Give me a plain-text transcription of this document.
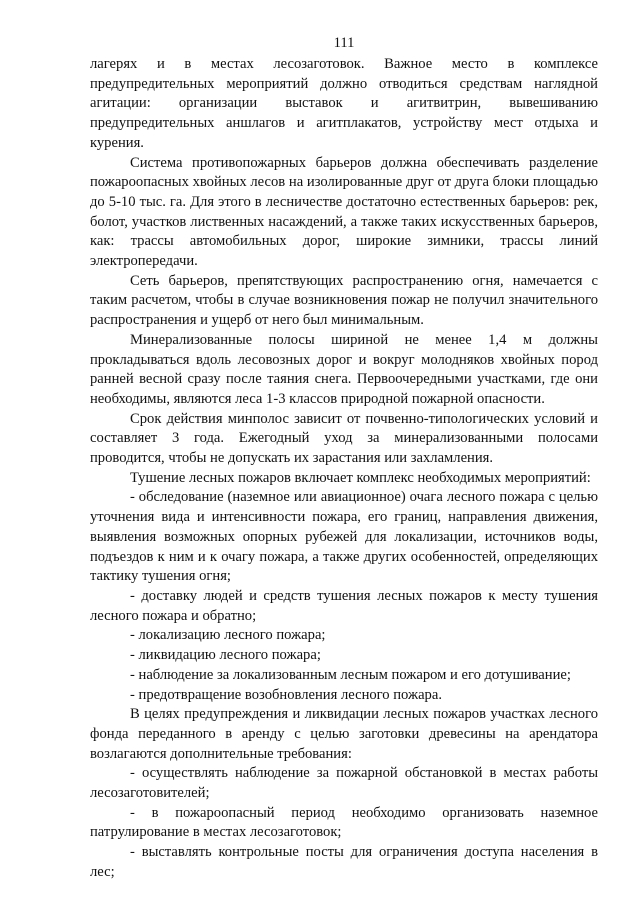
111

лагерях и в местах лесозаготовок. Важное место в комплексе предупредительных мероприятий должно отводиться средствам наглядной агитации: организации выставок и агитвитрин, вывешиванию предупредительных аншлагов и агитплакатов, устройству мест отдыха и курения.

Система противопожарных барьеров должна обеспечивать разделение пожароопасных хвойных лесов на изолированные друг от друга блоки площадью до 5-10 тыс. га. Для этого в лесничестве достаточно естественных барьеров: рек, болот, участков лиственных насаждений, а также таких искусственных барьеров, как: трассы автомобильных дорог, широкие зимники, трассы линий электропередачи.

Сеть барьеров, препятствующих распространению огня, намечается с таким расчетом, чтобы в случае возникновения пожар не получил значительного распространения и ущерб от него был минимальным.

Минерализованные полосы шириной не менее 1,4 м должны прокладываться вдоль лесовозных дорог и вокруг молодняков хвойных пород ранней весной сразу после таяния снега. Первоочередными участками, где они необходимы, являются леса 1-3 классов природной пожарной опасности.

Срок действия минполос зависит от почвенно-типологических условий и составляет 3 года. Ежегодный уход за минерализованными полосами проводится, чтобы не допускать их зарастания или захламления.

Тушение лесных пожаров включает комплекс необходимых мероприятий:

- обследование (наземное или авиационное) очага лесного пожара с целью уточнения вида и интенсивности пожара, его границ, направления движения, выявления возможных опорных рубежей для локализации, источников воды, подъездов к ним и к очагу пожара, а также других особенностей, определяющих тактику тушения огня;

- доставку людей и средств тушения лесных пожаров к месту тушения лесного пожара и обратно;

- локализацию лесного пожара;

- ликвидацию лесного пожара;

- наблюдение за локализованным лесным пожаром и его дотушивание;

- предотвращение возобновления лесного пожара.

В целях предупреждения и ликвидации лесных пожаров участках лесного фонда переданного в аренду с целью заготовки древесины на арендатора возлагаются дополнительные требования:

- осуществлять наблюдение за пожарной обстановкой в местах работы лесозаготовителей;

- в пожароопасный период необходимо организовать наземное патрулирование в местах лесозаготовок;

- выставлять контрольные посты для ограничения доступа населения в лес;
